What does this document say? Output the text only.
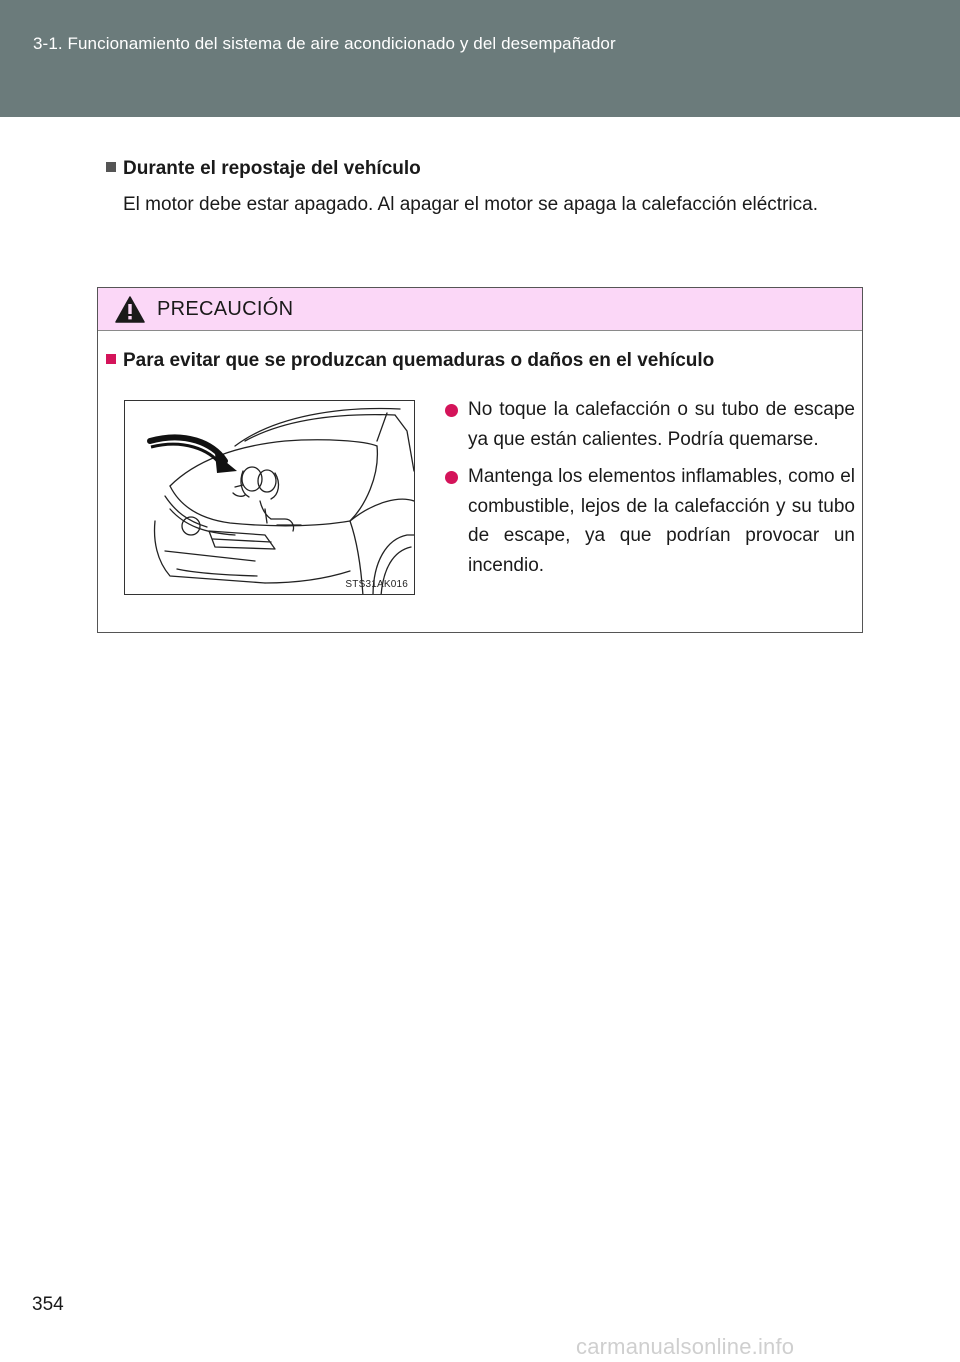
3-1. Funcionamiento del sistema de aire acondicionado y del desempañador
Durante el repostaje del vehículo
El motor debe estar apagado. Al apagar el motor se apaga la calefacción eléctrica.
PRECAUCIÓN
Para evitar que se produzcan quemaduras o daños en el vehículo
STS31AK016
No toque la calefacción o su tubo de escape ya que están calientes. Podría quemarse.
Mantenga los elementos inflamables, como el combustible, lejos de la calefacción y su tubo de escape, ya que podrían provocar un incendio.
354
carmanualsonline.info
